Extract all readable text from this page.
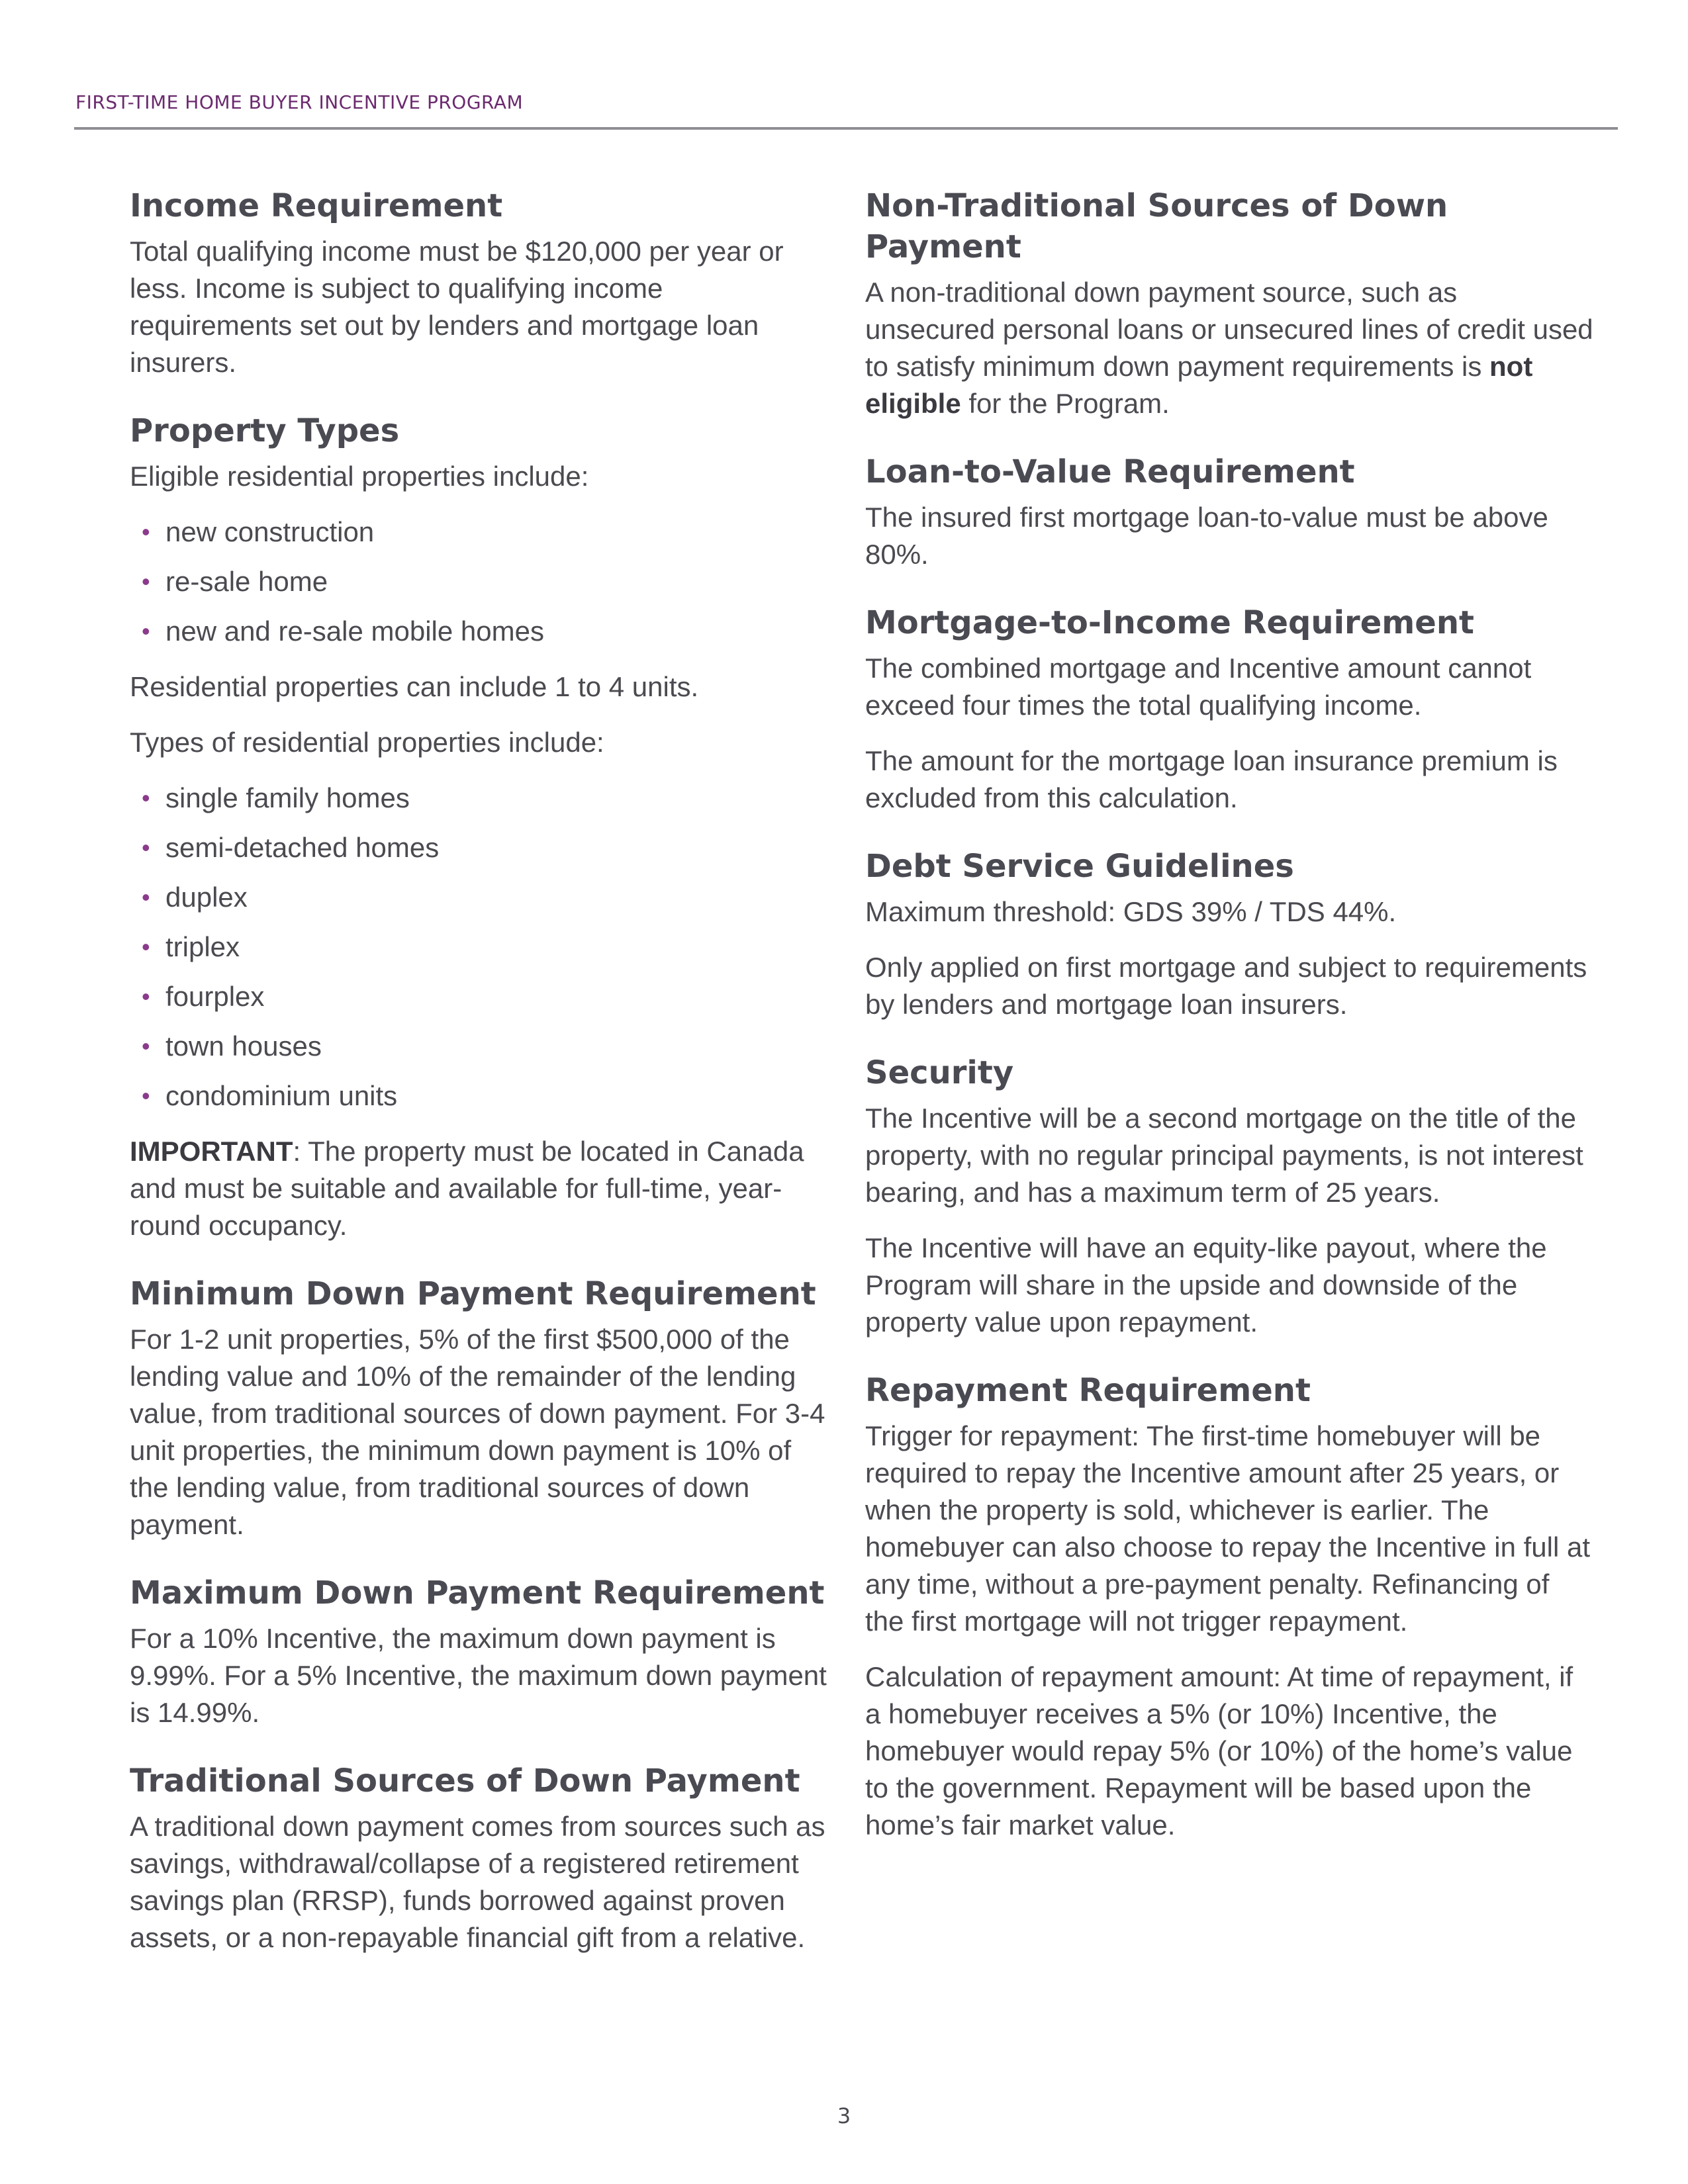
FIRST-TIME HOME BUYER INCENTIVE PROGRAM
Income Requirement

Total qualifying income must be $120,000 per year or less. Income is subject to qualifying income requirements set out by lenders and mortgage loan insurers.

Property Types

Eligible residential properties include:

• new construction
• re-sale home
• new and re-sale mobile homes

Residential properties can include 1 to 4 units.

Types of residential properties include:

• single family homes
• semi-detached homes
• duplex
• triplex
• fourplex
• town houses
• condominium units

IMPORTANT: The property must be located in Canada and must be suitable and available for full-time, year-round occupancy.

Minimum Down Payment Requirement

For 1-2 unit properties, 5% of the first $500,000 of the lending value and 10% of the remainder of the lending value, from traditional sources of down payment. For 3-4 unit properties, the minimum down payment is 10% of the lending value, from traditional sources of down payment.

Maximum Down Payment Requirement

For a 10% Incentive, the maximum down payment is 9.99%. For a 5% Incentive, the maximum down payment is 14.99%.

Traditional Sources of Down Payment

A traditional down payment comes from sources such as savings, withdrawal/collapse of a registered retirement savings plan (RRSP), funds borrowed against proven assets, or a non-repayable financial gift from a relative.

Non-Traditional Sources of Down Payment

A non-traditional down payment source, such as unsecured personal loans or unsecured lines of credit used to satisfy minimum down payment requirements is not eligible for the Program.

Loan-to-Value Requirement

The insured first mortgage loan-to-value must be above 80%.

Mortgage-to-Income Requirement

The combined mortgage and Incentive amount cannot exceed four times the total qualifying income.

The amount for the mortgage loan insurance premium is excluded from this calculation.

Debt Service Guidelines

Maximum threshold: GDS 39% / TDS 44%.

Only applied on first mortgage and subject to requirements by lenders and mortgage loan insurers.

Security

The Incentive will be a second mortgage on the title of the property, with no regular principal payments, is not interest bearing, and has a maximum term of 25 years.

The Incentive will have an equity-like payout, where the Program will share in the upside and downside of the property value upon repayment.

Repayment Requirement

Trigger for repayment: The first-time homebuyer will be required to repay the Incentive amount after 25 years, or when the property is sold, whichever is earlier. The homebuyer can also choose to repay the Incentive in full at any time, without a pre-payment penalty. Refinancing of the first mortgage will not trigger repayment.

Calculation of repayment amount: At time of repayment, if a homebuyer receives a 5% (or 10%) Incentive, the homebuyer would repay 5% (or 10%) of the home’s value to the government. Repayment will be based upon the home’s fair market value.

3
